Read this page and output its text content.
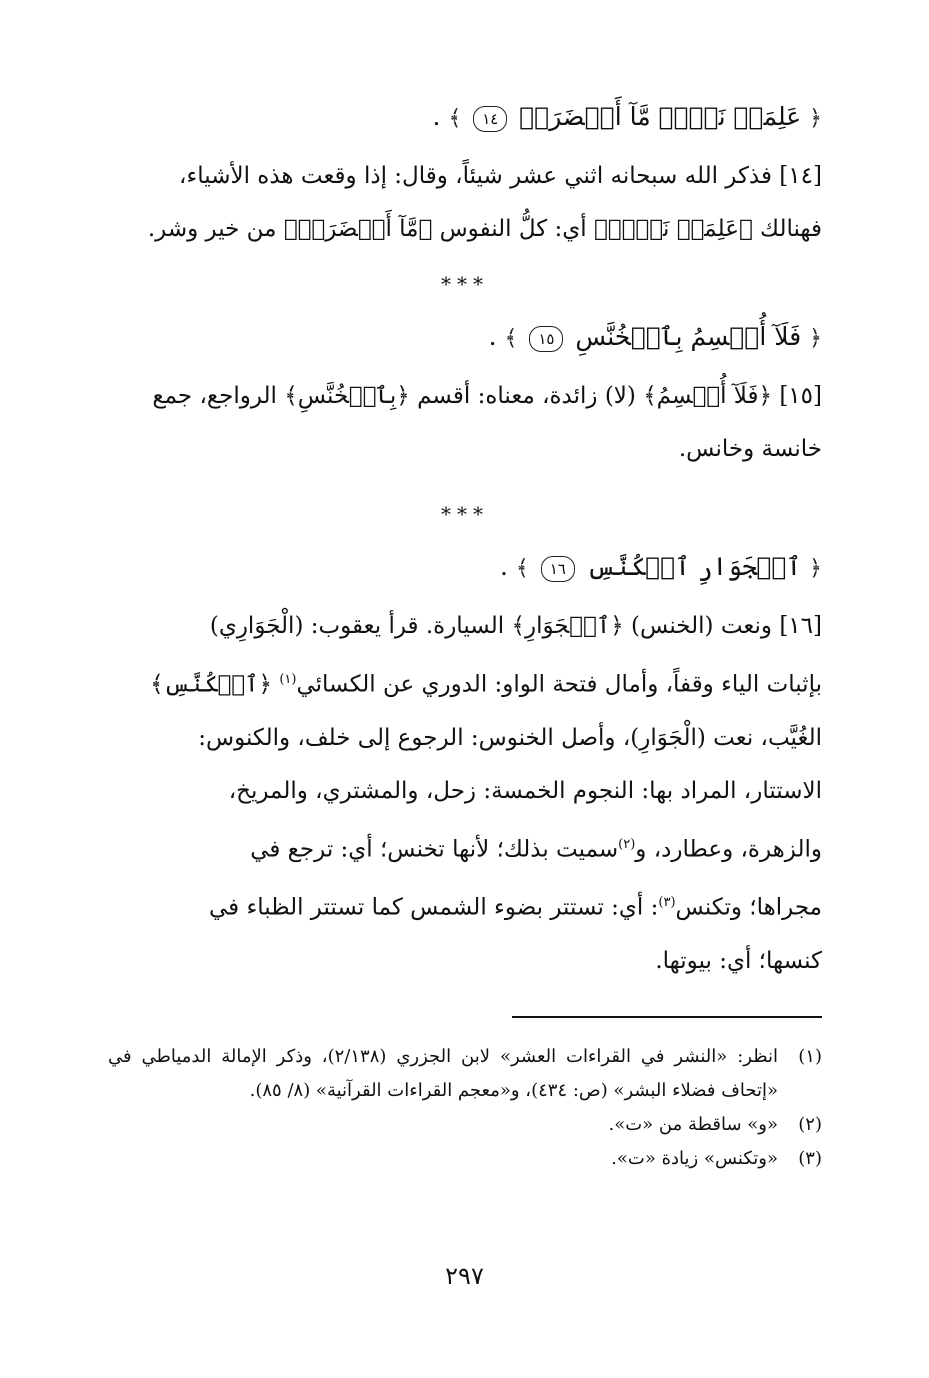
﴿ عَلِمَتۡ نَفۡسٞ مَّآ أَحۡضَرَتۡ ١٤ ﴾ .

[١٤] فذكر الله سبحانه اثني عشر شيئاً، وقال: إذا وقعت هذه الأشياء،
فهنالك ﴿عَلِمَتۡ نَفۡسٞ﴾ أي: كلُّ النفوس ﴿مَّآ أَحۡضَرَتۡ﴾ من خير وشر.

***

﴿ فَلَآ أُقۡسِمُ بِٱلۡخُنَّسِ ١٥ ﴾ .

[١٥] ﴿فَلَآ أُقۡسِمُ﴾ (لا) زائدة، معناه: أقسم ﴿بِٱلۡخُنَّسِ﴾ الرواجع، جمع
خانسة وخانس.

***

﴿ ٱلۡجَوَارِ ٱلۡكُنَّسِ ١٦ ﴾ .

[١٦] ونعت (الخنس) ﴿ٱلۡجَوَارِ﴾ السيارة. قرأ يعقوب: (الْجَوَارِي)
بإثبات الياء وقفاً، وأمال فتحة الواو: الدوري عن الكسائي$^{(١)}$ ﴿ٱلۡكُنَّسِ﴾
الغُيَّب، نعت (الْجَوَارِ)، وأصل الخنوس: الرجوع إلى خلف، والكنوس:
الاستتار، المراد بها: النجوم الخمسة: زحل، والمشتري، والمريخ،
والزهرة، وعطارد، و$^{(٢)}$سميت بذلك؛ لأنها تخنس؛ أي: ترجع في
مجراها؛ وتكنس$^{(٣)}$: أي: تستتر بضوء الشمس كما تستتر الظباء في
كنسها؛ أي: بيوتها.

(١)
انظر: «النشر في القراءات العشر» لابن الجزري (٢/١٣٨)، وذكر الإمالة الدمياطي في «إتحاف فضلاء البشر» (ص: ٤٣٤)، و«معجم القراءات القرآنية» (٨/ ٨٥).
(٢)
«و» ساقطة من «ت».
(٣)
«وتكنس» زيادة «ت».
٢٩٧
